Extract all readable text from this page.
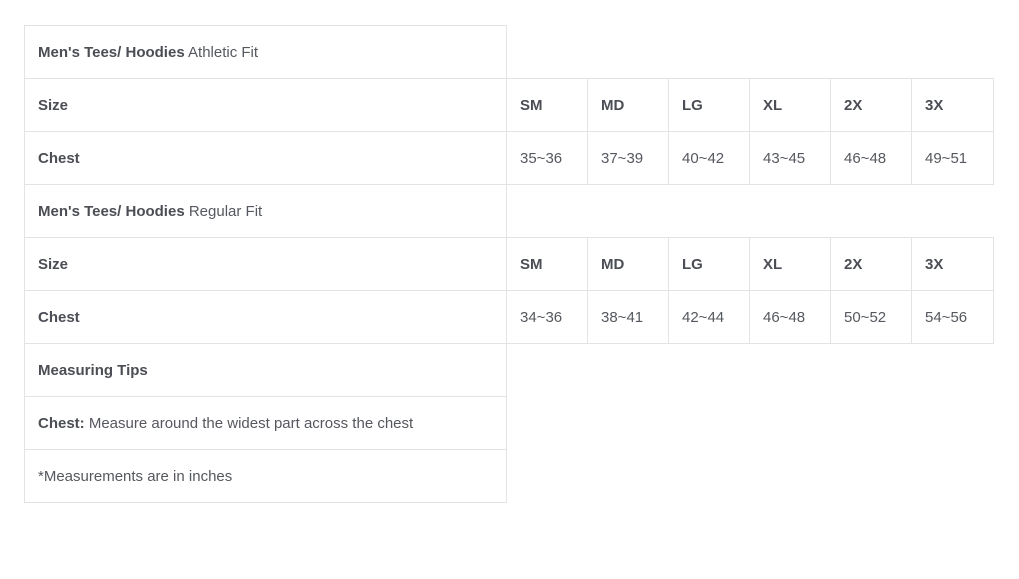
Men's Tees/ Hoodies Athletic Fit						
Size	SM	MD	LG	XL	2X	3X
Chest	35~36	37~39	40~42	43~45	46~48	49~51
Men's Tees/ Hoodies Regular Fit						
Size	SM	MD	LG	XL	2X	3X
Chest	34~36	38~41	42~44	46~48	50~52	54~56
Measuring Tips						
Chest: Measure around the widest part across the chest						
*Measurements are in inches						
